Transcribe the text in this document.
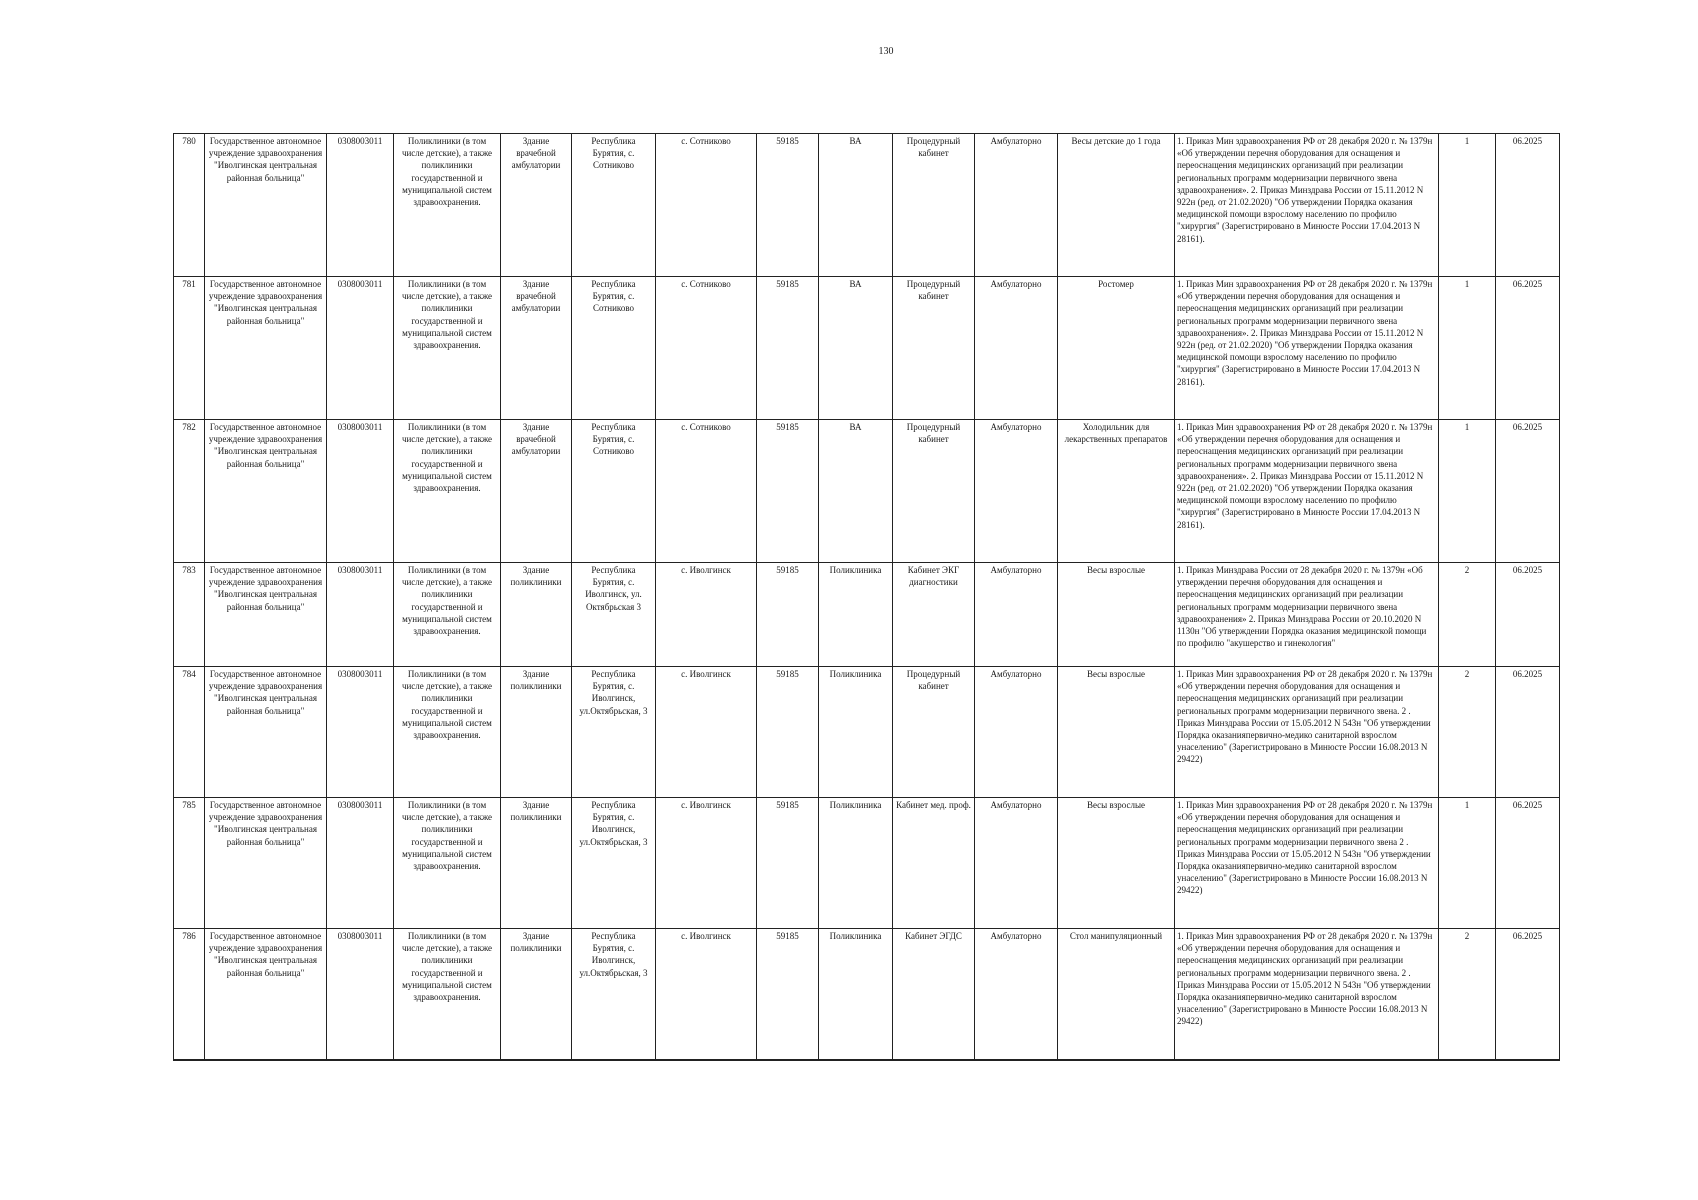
130
780	Государственное автономное учреждение здравоохранения "Иволгинская центральная районная больница"	0308003011	Поликлиники (в том числе детские), а также поликлиники государственной и муниципальной систем здравоохранения.	Здание врачебной амбулатории	Республика Бурятия, с. Сотниково	с. Сотниково	59185	ВА	Процедурный кабинет	Амбулаторно	Весы детские до 1 года	1. Приказ Мин здравоохранения РФ от 28 декабря 2020 г. № 1379н «Об утверждении перечня оборудования для оснащения и переоснащения медицинских организаций при реализации региональных программ модернизации первичного звена здравоохранения». 2. Приказ Минздрава России от 15.11.2012 N 922н (ред. от 21.02.2020) "Об утверждении Порядка оказания медицинской помощи взрослому населению по профилю "хирургия" (Зарегистрировано в Минюсте России 17.04.2013 N 28161).	1	06.2025
781	Государственное автономное учреждение здравоохранения "Иволгинская центральная районная больница"	0308003011	Поликлиники (в том числе детские), а также поликлиники государственной и муниципальной систем здравоохранения.	Здание врачебной амбулатории	Республика Бурятия, с. Сотниково	с. Сотниково	59185	ВА	Процедурный кабинет	Амбулаторно	Ростомер	1. Приказ Мин здравоохранения РФ от 28 декабря 2020 г. № 1379н «Об утверждении перечня оборудования для оснащения и переоснащения медицинских организаций при реализации региональных программ модернизации первичного звена здравоохранения». 2. Приказ Минздрава России от 15.11.2012 N 922н (ред. от 21.02.2020) "Об утверждении Порядка оказания медицинской помощи взрослому населению по профилю "хирургия" (Зарегистрировано в Минюсте России 17.04.2013 N 28161).	1	06.2025
782	Государственное автономное учреждение здравоохранения "Иволгинская центральная районная больница"	0308003011	Поликлиники (в том числе детские), а также поликлиники государственной и муниципальной систем здравоохранения.	Здание врачебной амбулатории	Республика Бурятия, с. Сотниково	с. Сотниково	59185	ВА	Процедурный кабинет	Амбулаторно	Холодильник для лекарственных препаратов	1. Приказ Мин здравоохранения РФ от 28 декабря 2020 г. № 1379н «Об утверждении перечня оборудования для оснащения и переоснащения медицинских организаций при реализации региональных программ модернизации первичного звена здравоохранения». 2. Приказ Минздрава России от 15.11.2012 N 922н (ред. от 21.02.2020) "Об утверждении Порядка оказания медицинской помощи взрослому населению по профилю "хирургия" (Зарегистрировано в Минюсте России 17.04.2013 N 28161).	1	06.2025
783	Государственное автономное учреждение здравоохранения "Иволгинская центральная районная больница"	0308003011	Поликлиники (в том числе детские), а также поликлиники государственной и муниципальной систем здравоохранения.	Здание поликлиники	Республика Бурятия, с. Иволгинск, ул. Октябрьская 3	с. Иволгинск	59185	Поликлиника	Кабинет ЭКГ диагностики	Амбулаторно	Весы взрослые	1. Приказ Минздрава России от 28 декабря 2020 г. № 1379н «Об утверждении перечня оборудования для оснащения и переоснащения медицинских организаций при реализации региональных программ модернизации первичного звена здравоохранения» 2. Приказ Минздрава России от 20.10.2020 N 1130н "Об утверждении Порядка оказания медицинской помощи по профилю "акушерство и гинекология"	2	06.2025
784	Государственное автономное учреждение здравоохранения "Иволгинская центральная районная больница"	0308003011	Поликлиники (в том числе детские), а также поликлиники государственной и муниципальной систем здравоохранения.	Здание поликлиники	Республика Бурятия, с. Иволгинск, ул.Октябрьская, 3	с. Иволгинск	59185	Поликлиника	Процедурный кабинет	Амбулаторно	Весы взрослые	1. Приказ Мин здравоохранения РФ от 28 декабря 2020 г. № 1379н «Об утверждении перечня оборудования для оснащения и переоснащения медицинских организаций при реализации региональных программ модернизации первичного звена. 2 . Приказ Минздрава России от 15.05.2012 N 543н "Об утверждении Порядка оказанияпервично-медико санитарной взрослом унаселению" (Зарегистрировано в Минюсте России 16.08.2013 N 29422)	2	06.2025
785	Государственное автономное учреждение здравоохранения "Иволгинская центральная районная больница"	0308003011	Поликлиники (в том числе детские), а также поликлиники государственной и муниципальной систем здравоохранения.	Здание поликлиники	Республика Бурятия, с. Иволгинск, ул.Октябрьская, 3	с. Иволгинск	59185	Поликлиника	Кабинет мед. проф.	Амбулаторно	Весы взрослые	1. Приказ Мин здравоохранения РФ от 28 декабря 2020 г. № 1379н «Об утверждении перечня оборудования для оснащения и переоснащения медицинских организаций при реализации региональных программ модернизации первичного звена 2 . Приказ Минздрава России от 15.05.2012 N 543н "Об утверждении Порядка оказанияпервично-медико санитарной взрослом унаселению" (Зарегистрировано в Минюсте России 16.08.2013 N 29422)	1	06.2025
786	Государственное автономное учреждение здравоохранения "Иволгинская центральная районная больница"	0308003011	Поликлиники (в том числе детские), а также поликлиники государственной и муниципальной систем здравоохранения.	Здание поликлиники	Республика Бурятия, с. Иволгинск, ул.Октябрьская, 3	с. Иволгинск	59185	Поликлиника	Кабинет ЭГДС	Амбулаторно	Стол манипуляционный	1. Приказ Мин здравоохранения РФ от 28 декабря 2020 г. № 1379н «Об утверждении перечня оборудования для оснащения и переоснащения медицинских организаций при реализации региональных программ модернизации первичного звена. 2 . Приказ Минздрава России от 15.05.2012 N 543н "Об утверждении Порядка оказанияпервично-медико санитарной взрослом унаселению" (Зарегистрировано в Минюсте России 16.08.2013 N 29422)	2	06.2025
